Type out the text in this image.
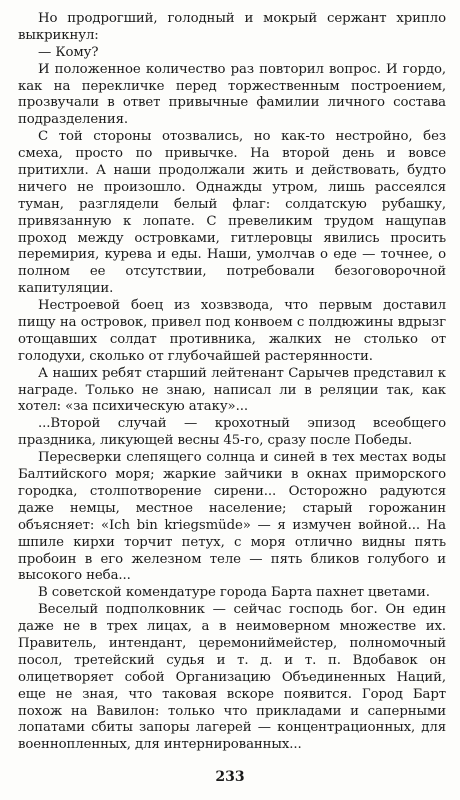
Но продрогший, голодный и мокрый сержант хрипло выкрикнул:

— Кому?

И положенное количество раз повторил вопрос. И гордо, как на перекличке перед торжественным построением, прозвучали в ответ привычные фамилии личного состава подразделения.

С той стороны отозвались, но как-то нестройно, без смеха, просто по привычке. На второй день и вовсе притихли. А наши продолжали жить и действовать, будто ничего не произошло. Однажды утром, лишь рассеялся туман, разглядели белый флаг: солдатскую рубашку, привязанную к лопате. С превеликим трудом нащупав проход между островками, гитлеровцы явились просить перемирия, курева и еды. Наши, умолчав о еде — точнее, о полном ее отсутствии, потребовали безоговорочной капитуляции.

Нестроевой боец из хозвзвода, что первым доставил пищу на островок, привел под конвоем с полдюжины вдрызг отощавших солдат противника, жалких не столько от голодухи, сколько от глубочайшей растерянности.

А наших ребят старший лейтенант Сарычев представил к награде. Только не знаю, написал ли в реляции так, как хотел: «за психическую атаку»...

...Второй случай — крохотный эпизод всеобщего праздника, ликующей весны 45-го, сразу после Победы.

Пересверки слепящего солнца и синей в тех местах воды Балтийского моря; жаркие зайчики в окнах приморского городка, столпотворение сирени... Осторожно радуются даже немцы, местное население; старый горожанин объясняет: «Ich bin kriegsmüde» — я измучен войной... На шпиле кирхи торчит петух, с моря отлично видны пять пробоин в его железном теле — пять бликов голубого и высокого неба...

В советской комендатуре города Барта пахнет цветами.

Веселый подполковник — сейчас господь бог. Он един даже не в трех лицах, а в неимоверном множестве их. Правитель, интендант, церемониймейстер, полномочный посол, третейский судья и т. д. и т. п. Вдобавок он олицетворяет собой Организацию Объединенных Наций, еще не зная, что таковая вскоре появится. Город Барт похож на Вавилон: только что прикладами и саперными лопатами сбиты запоры лагерей — концентрационных, для военнопленных, для интернированных...

233
